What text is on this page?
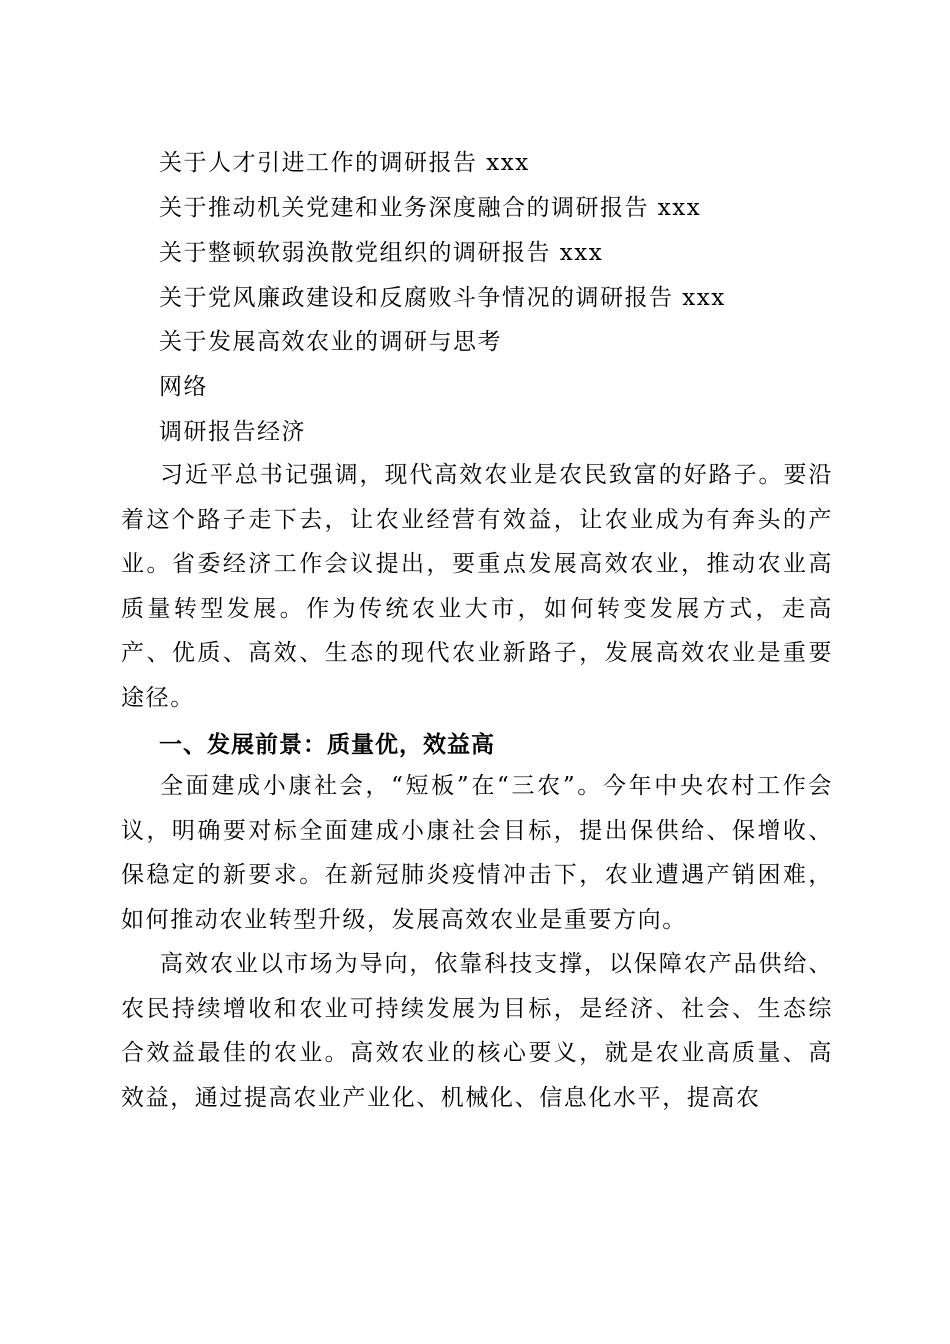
关于人才引进工作的调研报告 xxx
关于推动机关党建和业务深度融合的调研报告 xxx
关于整顿软弱涣散党组织的调研报告 xxx
关于党风廉政建设和反腐败斗争情况的调研报告 xxx
关于发展高效农业的调研与思考
网络
调研报告经济

习近平总书记强调，现代高效农业是农民致富的好路子。要沿着这个路子走下去，让农业经营有效益，让农业成为有奔头的产业。省委经济工作会议提出，要重点发展高效农业，推动农业高质量转型发展。作为传统农业大市，如何转变发展方式，走高产、优质、高效、生态的现代农业新路子，发展高效农业是重要途径。

一、发展前景：质量优，效益高

全面建成小康社会，“短板”在“三农”。今年中央农村工作会议，明确要对标全面建成小康社会目标，提出保供给、保增收、保稳定的新要求。在新冠肺炎疫情冲击下，农业遭遇产销困难，如何推动农业转型升级，发展高效农业是重要方向。

高效农业以市场为导向，依靠科技支撑，以保障农产品供给、农民持续增收和农业可持续发展为目标，是经济、社会、生态综合效益最佳的农业。高效农业的核心要义，就是农业高质量、高效益，通过提高农业产业化、机械化、信息化水平，提高农
